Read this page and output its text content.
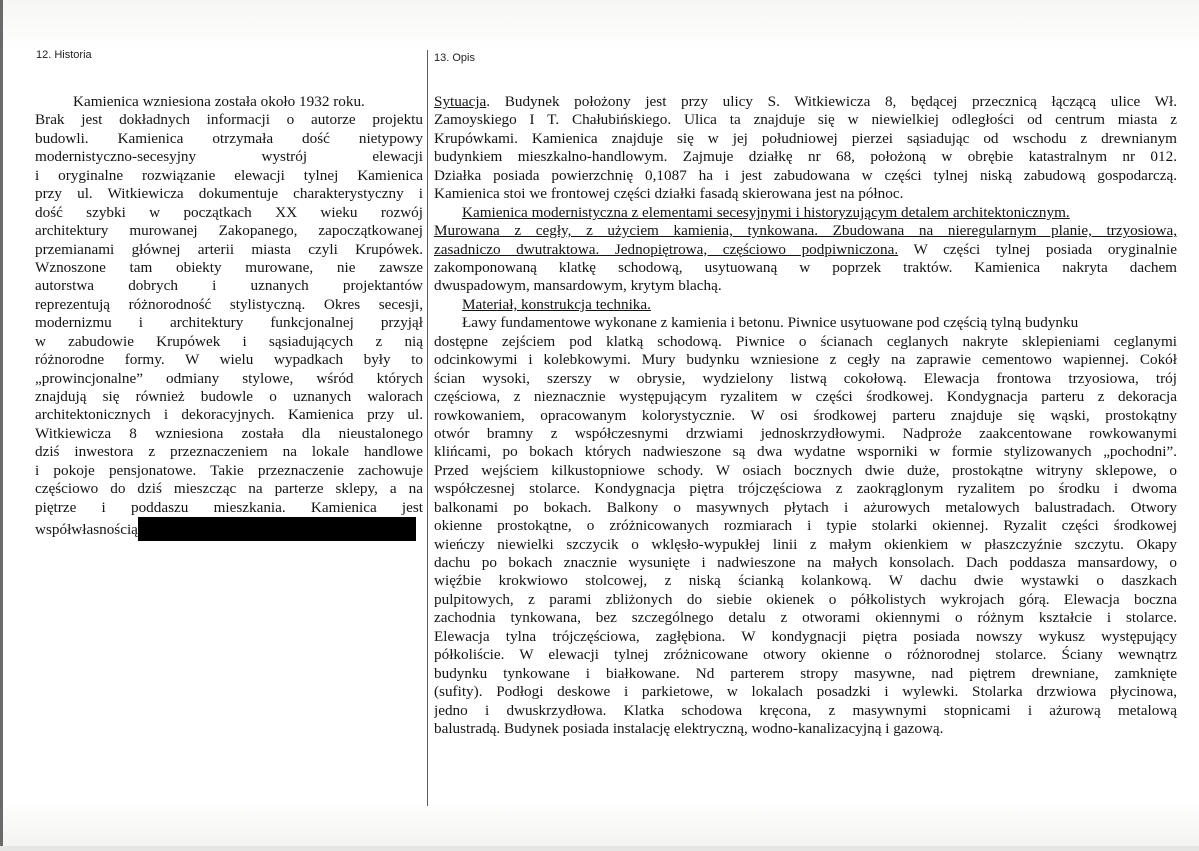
12. Historia	13. Opis
Kamienica wzniesiona została około 1932 roku.
Brak jest dokładnych informacji o autorze projektu
budowli. Kamienica otrzymała dość nietypowy
modernistyczno-secesyjny wystrój elewacji
i oryginalne rozwiązanie elewacji tylnej Kamienica
przy ul. Witkiewicza dokumentuje charakterystyczny i
dość szybki w początkach XX wieku rozwój
architektury murowanej Zakopanego, zapoczątkowanej
przemianami głównej arterii miasta czyli Krupówek.
Wznoszone tam obiekty murowane, nie zawsze
autorstwa dobrych i uznanych projektantów
reprezentują różnorodność stylistyczną. Okres secesji,
modernizmu i architektury funkcjonalnej przyjął
w zabudowie Krupówek i sąsiadujących z nią
różnorodne formy. W wielu wypadkach były to
„prowincjonalne” odmiany stylowe, wśród których
znajdują się również budowle o uznanych walorach
architektonicznych i dekoracyjnych. Kamienica przy ul.
Witkiewicza 8 wzniesiona została dla nieustalonego
dziś inwestora z przeznaczeniem na lokale handlowe
i pokoje pensjonatowe. Takie przeznaczenie zachowuje
częściowo do dziś mieszcząc na parterze sklepy, a na
piętrze i poddaszu mieszkania. Kamienica jest
współwłasnością
Sytuacja. Budynek położony jest przy ulicy S. Witkiewicza 8, będącej przecznicą łączącą ulice Wł.
Zamoyskiego I T. Chałubińskiego. Ulica ta znajduje się w niewielkiej odległości od centrum miasta z
Krupówkami. Kamienica znajduje się w jej południowej pierzei sąsiadując od wschodu z drewnianym
budynkiem mieszkalno-handlowym. Zajmuje działkę nr 68, położoną w obrębie katastralnym nr 012.
Działka posiada powierzchnię 0,1087 ha i jest zabudowana w części tylnej niską zabudową gospodarczą.
Kamienica stoi we frontowej części działki fasadą skierowana jest na północ.
Kamienica modernistyczna z elementami secesyjnymi i historyzującym detalem architektonicznym.
Murowana z cegły, z użyciem kamienia, tynkowana. Zbudowana na nieregularnym planie, trzyosiowa,
zasadniczo dwutraktowa. Jednopiętrowa, częściowo podpiwniczona. W części tylnej posiada oryginalnie
zakomponowaną klatkę schodową, usytuowaną w poprzek traktów. Kamienica nakryta dachem
dwuspadowym, mansardowym, krytym blachą.
Materiał, konstrukcja technika.
Ławy fundamentowe wykonane z kamienia i betonu. Piwnice usytuowane pod częścią tylną budynku
dostępne zejściem pod klatką schodową. Piwnice o ścianach ceglanych nakryte sklepieniami ceglanymi
odcinkowymi i kolebkowymi. Mury budynku wzniesione z cegły na zaprawie cementowo wapiennej. Cokół
ścian wysoki, szerszy w obrysie, wydzielony listwą cokołową. Elewacja frontowa trzyosiowa, trój
częściowa, z nieznacznie występującym ryzalitem w części środkowej. Kondygnacja parteru z dekoracja
rowkowaniem, opracowanym kolorystycznie. W osi środkowej parteru znajduje się wąski, prostokątny
otwór bramny z współczesnymi drzwiami jednoskrzydłowymi. Nadproże zaakcentowane rowkowanymi
klińcami, po bokach których nadwieszone są dwa wydatne wsporniki w formie stylizowanych „pochodni”.
Przed wejściem kilkustopniowe schody. W osiach bocznych dwie duże, prostokątne witryny sklepowe, o
współczesnej stolarce. Kondygnacja piętra trójczęściowa z zaokrąglonym ryzalitem po środku i dwoma
balkonami po bokach. Balkony o masywnych płytach i ażurowych metalowych balustradach. Otwory
okienne prostokątne, o zróżnicowanych rozmiarach i typie stolarki okiennej. Ryzalit części środkowej
wieńczy niewielki szczycik o wklęsło-wypukłej linii z małym okienkiem w płaszczyźnie szczytu. Okapy
dachu po bokach znacznie wysunięte i nadwieszone na małych konsolach. Dach poddasza mansardowy, o
więźbie krokwiowo stolcowej, z niską ścianką kolankową. W dachu dwie wystawki o daszkach
pulpitowych, z parami zbliżonych do siebie okienek o półkolistych wykrojach górą. Elewacja boczna
zachodnia tynkowana, bez szczególnego detalu z otworami okiennymi o różnym kształcie i stolarce.
Elewacja tylna trójczęściowa, zagłębiona. W kondygnacji piętra posiada nowszy wykusz występujący
półkoliście. W elewacji tylnej zróżnicowane otwory okienne o różnorodnej stolarce. Ściany wewnątrz
budynku tynkowane i białkowane. Nd parterem stropy masywne, nad piętrem drewniane, zamknięte
(sufity). Podłogi deskowe i parkietowe, w lokalach posadzki i wylewki. Stolarka drzwiowa płycinowa,
jedno i dwuskrzydłowa. Klatka schodowa kręcona, z masywnymi stopnicami i ażurową metalową
balustradą. Budynek posiada instalację elektryczną, wodno-kanalizacyjną i gazową.
